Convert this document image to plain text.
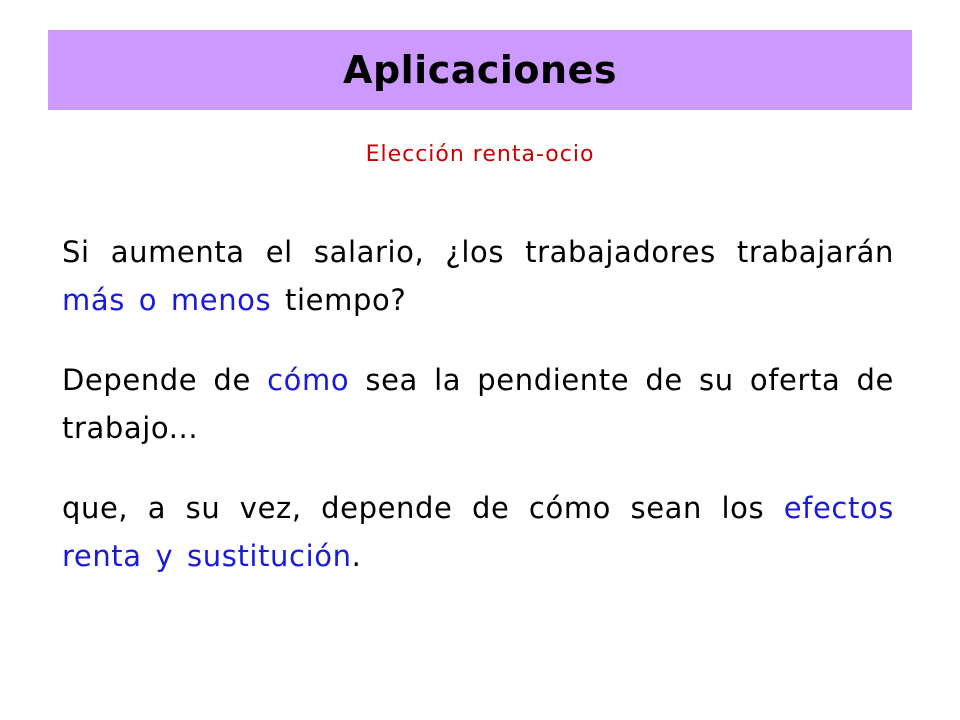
Aplicaciones
Elección renta-ocio
Si aumenta el salario, ¿los trabajadores trabajarán más o menos tiempo?
Depende de cómo sea la pendiente de su oferta de trabajo...
que, a su vez, depende de cómo sean los efectos renta y sustitución.
